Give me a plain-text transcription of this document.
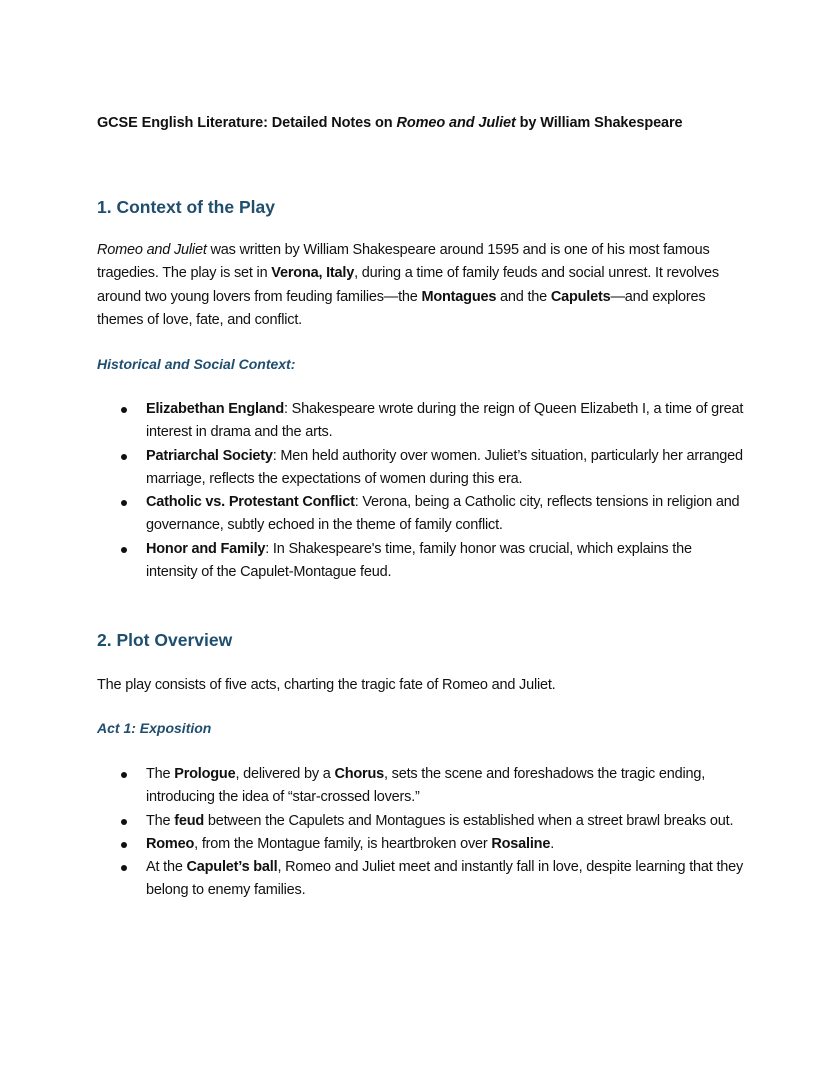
GCSE English Literature: Detailed Notes on Romeo and Juliet by William Shakespeare
1. Context of the Play
Romeo and Juliet was written by William Shakespeare around 1595 and is one of his most famous tragedies. The play is set in Verona, Italy, during a time of family feuds and social unrest. It revolves around two young lovers from feuding families—the Montagues and the Capulets—and explores themes of love, fate, and conflict.
Historical and Social Context:
Elizabethan England: Shakespeare wrote during the reign of Queen Elizabeth I, a time of great interest in drama and the arts.
Patriarchal Society: Men held authority over women. Juliet’s situation, particularly her arranged marriage, reflects the expectations of women during this era.
Catholic vs. Protestant Conflict: Verona, being a Catholic city, reflects tensions in religion and governance, subtly echoed in the theme of family conflict.
Honor and Family: In Shakespeare's time, family honor was crucial, which explains the intensity of the Capulet-Montague feud.
2. Plot Overview
The play consists of five acts, charting the tragic fate of Romeo and Juliet.
Act 1: Exposition
The Prologue, delivered by a Chorus, sets the scene and foreshadows the tragic ending, introducing the idea of “star-crossed lovers.”
The feud between the Capulets and Montagues is established when a street brawl breaks out.
Romeo, from the Montague family, is heartbroken over Rosaline.
At the Capulet’s ball, Romeo and Juliet meet and instantly fall in love, despite learning that they belong to enemy families.
